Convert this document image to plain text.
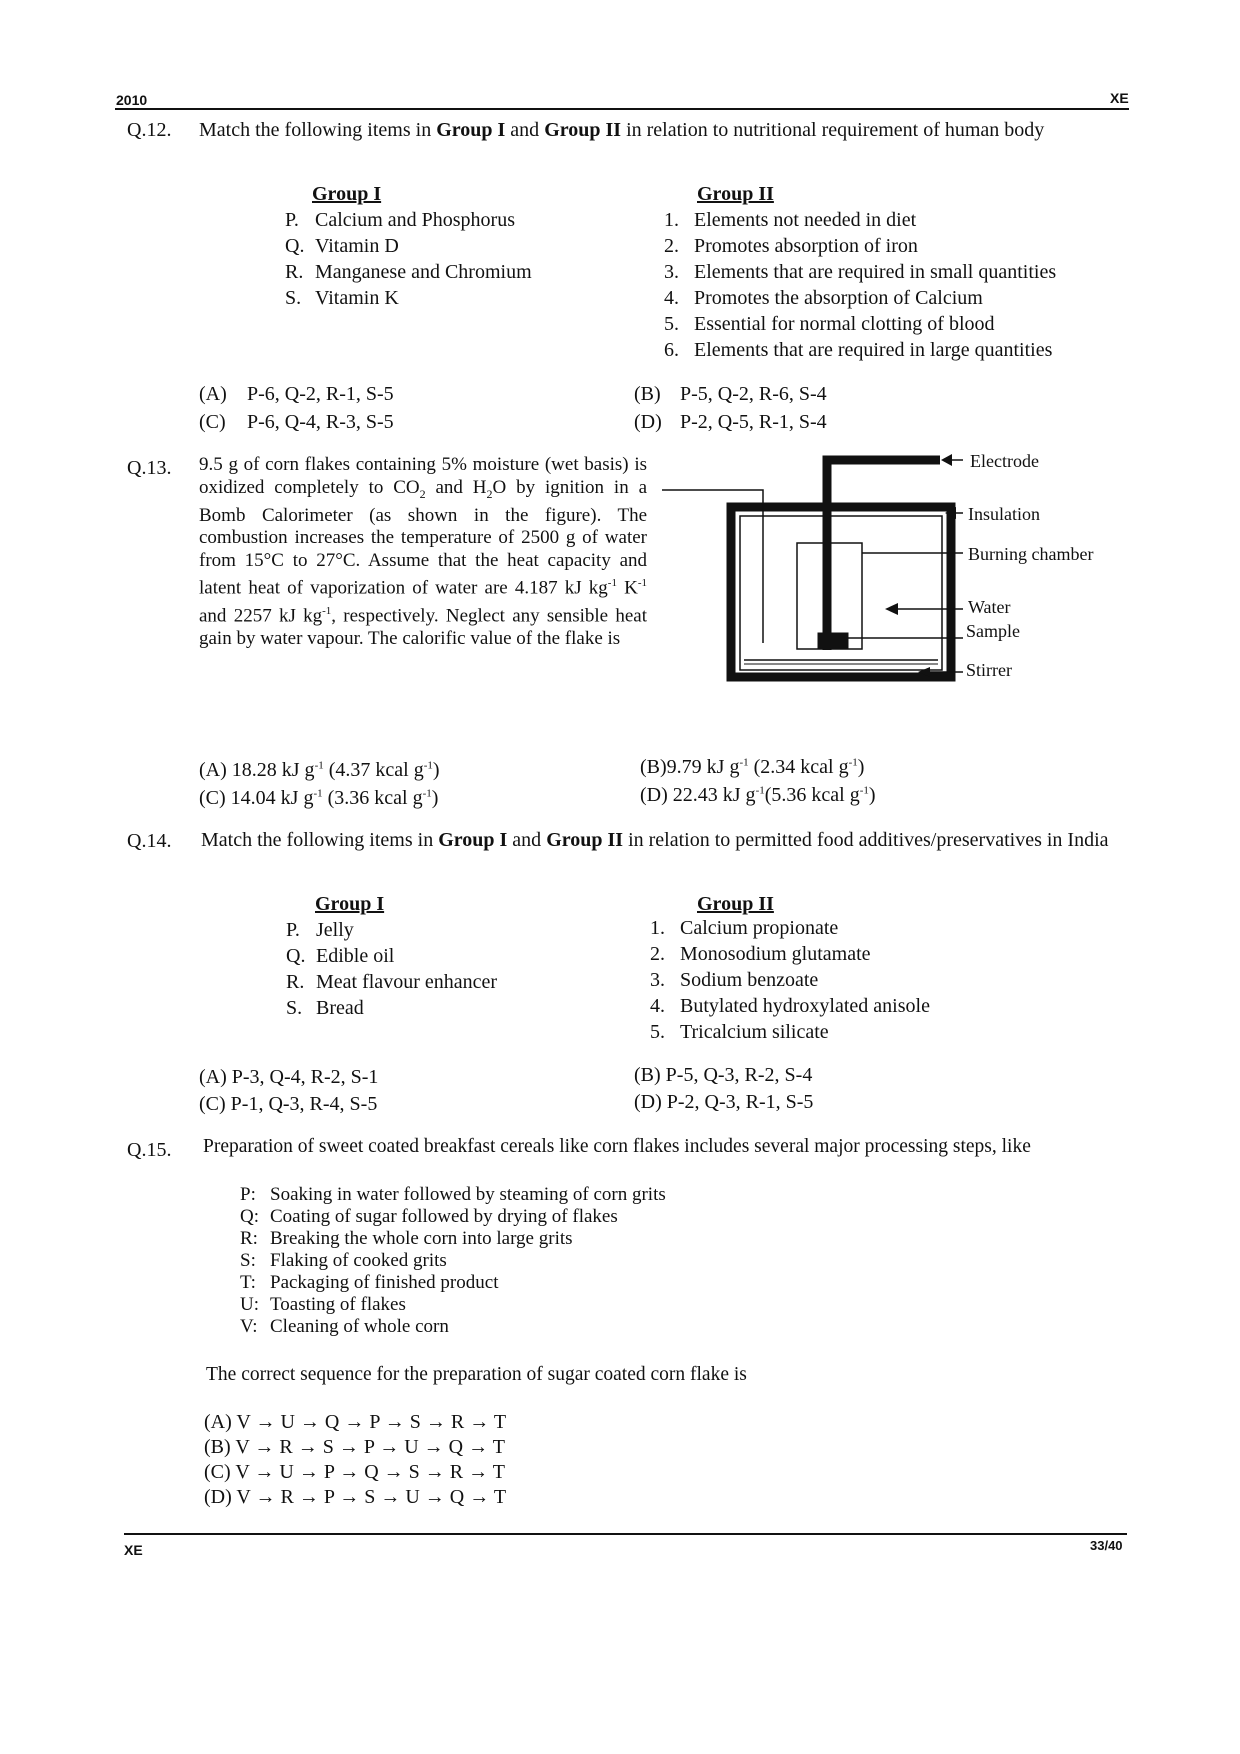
2010	XE
Q.12. Match the following items in Group I and Group II in relation to nutritional requirement of human body
Group I	Group II
P. Calcium and Phosphorus
Q. Vitamin D
R. Manganese and Chromium
S. Vitamin K
1. Elements not needed in diet
2. Promotes absorption of iron
3. Elements that are required in small quantities
4. Promotes the absorption of Calcium
5. Essential for normal clotting of blood
6. Elements that are required in large quantities
(A) P-6, Q-2, R-1, S-5	(B) P-5, Q-2, R-6, S-4
(C) P-6, Q-4, R-3, S-5	(D) P-2, Q-5, R-1, S-4
Q.13. 9.5 g of corn flakes containing 5% moisture (wet basis) is oxidized completely to $CO_2$ and $H_2O$ by ignition in a Bomb Calorimeter (as shown in the figure). The combustion increases the temperature of 2500 g of water from 15°C to 27°C. Assume that the heat capacity and latent heat of vaporization of water are 4.187 kJ $kg^{-1}$ $K^{-1}$ and 2257 kJ $kg^{-1}$, respectively. Neglect any sensible heat gain by water vapour. The calorific value of the flake is
Electrode
Insulation
Burning chamber
Water
Sample
Stirrer
(A) 18.28 kJ $g^{-1}$ (4.37 kcal $g^{-1}$)	(B)9.79 kJ $g^{-1}$ (2.34 kcal $g^{-1}$)
(C) 14.04 kJ $g^{-1}$ (3.36 kcal $g^{-1}$)	(D) 22.43 kJ $g^{-1}(5.36$ kcal $g^{-1}$)
Q.14. Match the following items in Group I and Group II in relation to permitted food additives/preservatives in India
Group I	Group II
P. Jelly
Q. Edible oil
R. Meat flavour enhancer
S. Bread
1. Calcium propionate
2. Monosodium glutamate
3. Sodium benzoate
4. Butylated hydroxylated anisole
5. Tricalcium silicate
(A) P-3, Q-4, R-2, S-1	(B) P-5, Q-3, R-2, S-4
(C) P-1, Q-3, R-4, S-5	(D) P-2, Q-3, R-1, S-5
Q.15. Preparation of sweet coated breakfast cereals like corn flakes includes several major processing steps, like
P: Soaking in water followed by steaming of corn grits
Q: Coating of sugar followed by drying of flakes
R: Breaking the whole corn into large grits
S: Flaking of cooked grits
T: Packaging of finished product
U: Toasting of flakes
V: Cleaning of whole corn
The correct sequence for the preparation of sugar coated corn flake is
(A) V → U → Q → P → S → R → T
(B) V → R → S → P → U → Q → T
(C) V → U → P → Q → S → R → T
(D) V → R → P → S → U → Q → T
XE	33/40
